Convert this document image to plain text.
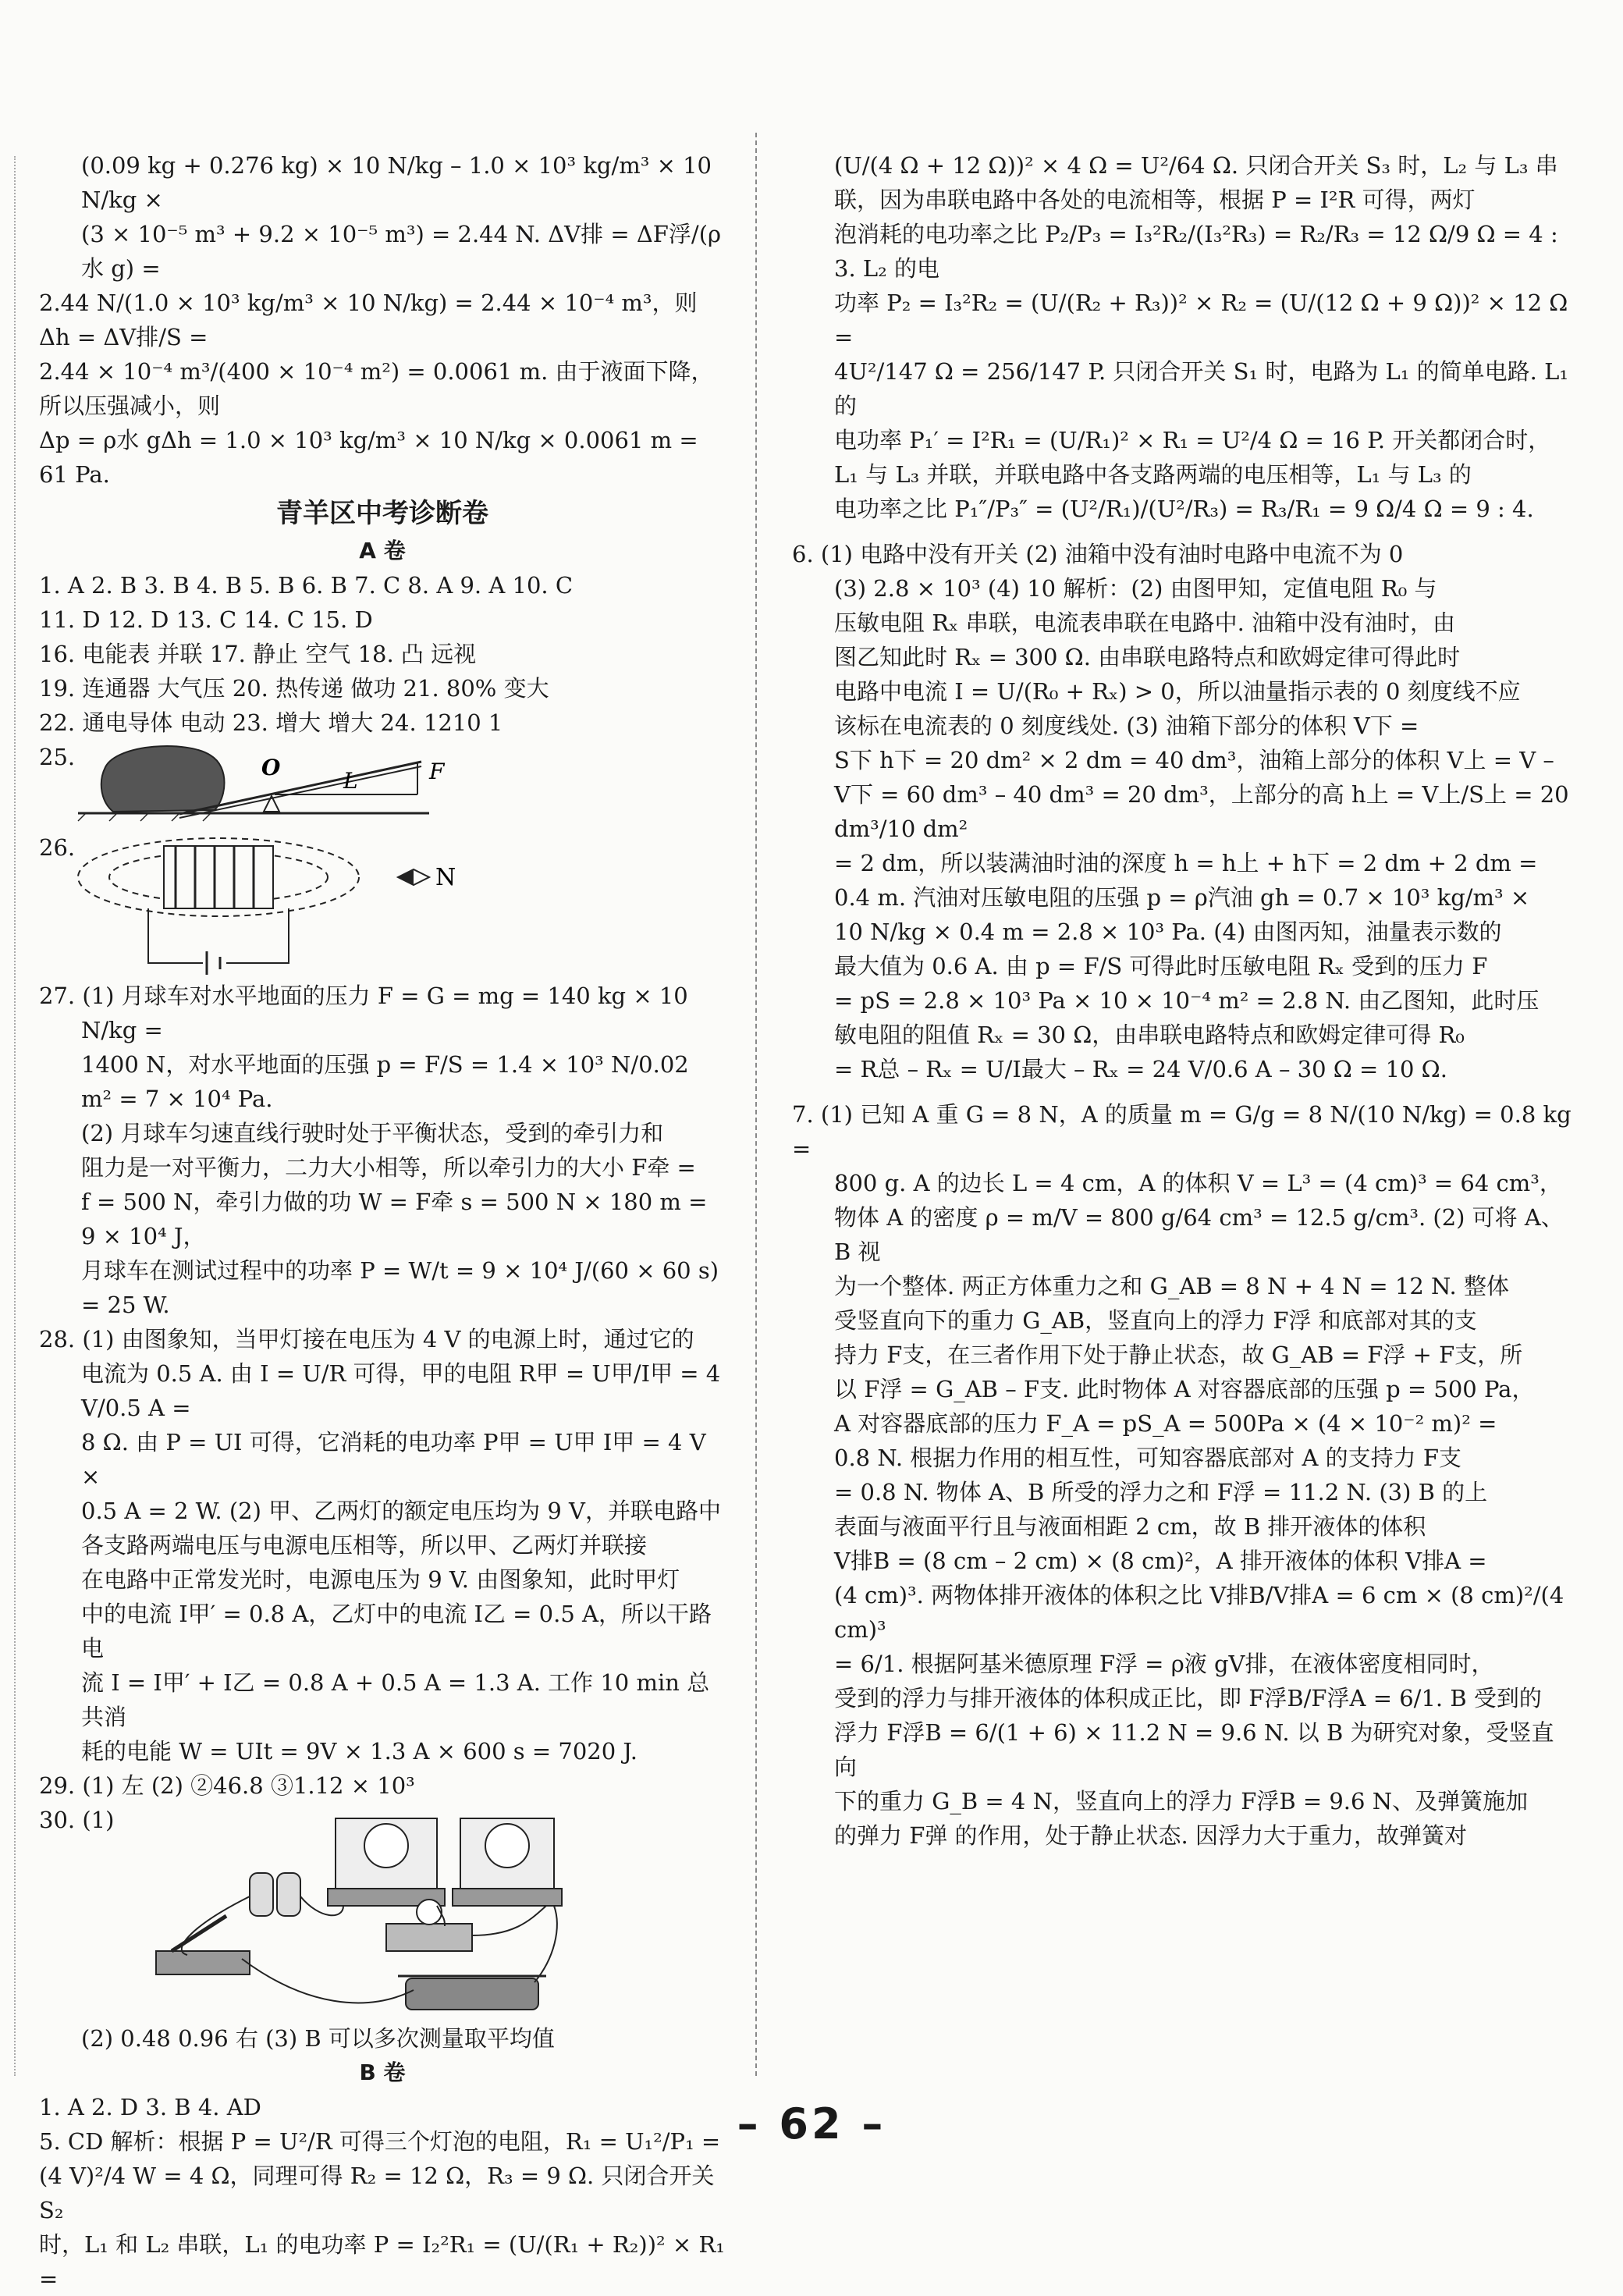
(0.09 kg + 0.276 kg) × 10 N/kg – 1.0 × 10³ kg/m³ × 10 N/kg ×

(3 × 10⁻⁵ m³ + 9.2 × 10⁻⁵ m³) = 2.44 N. ΔV排 = ΔF浮/(ρ水 g) =

2.44 N/(1.0 × 10³ kg/m³ × 10 N/kg) = 2.44 × 10⁻⁴ m³，则 Δh = ΔV排/S =

2.44 × 10⁻⁴ m³/(400 × 10⁻⁴ m²) = 0.0061 m. 由于液面下降，所以压强减小，则

Δp = ρ水 gΔh = 1.0 × 10³ kg/m³ × 10 N/kg × 0.0061 m = 61 Pa.

青羊区中考诊断卷
A 卷

1. A 2. B 3. B 4. B 5. B 6. B 7. C 8. A 9. A 10. C

11. D 12. D 13. C 14. C 15. D

16. 电能表 并联 17. 静止 空气 18. 凸 远视

19. 连通器 大气压 20. 热传递 做功 21. 80% 变大

22. 通电导体 电动 23. 增大 增大 24. 1210 1

25.	O
L	F
26.
N

27. (1) 月球车对水平地面的压力 F = G = mg = 140 kg × 10 N/kg =

1400 N，对水平地面的压强 p = F/S = 1.4 × 10³ N/0.02 m² = 7 × 10⁴ Pa.

(2) 月球车匀速直线行驶时处于平衡状态，受到的牵引力和

阻力是一对平衡力，二力大小相等，所以牵引力的大小 F牵 =

f = 500 N，牵引力做的功 W = F牵 s = 500 N × 180 m = 9 × 10⁴ J，

月球车在测试过程中的功率 P = W/t = 9 × 10⁴ J/(60 × 60 s) = 25 W.

28. (1) 由图象知，当甲灯接在电压为 4 V 的电源上时，通过它的

电流为 0.5 A. 由 I = U/R 可得，甲的电阻 R甲 = U甲/I甲 = 4 V/0.5 A =

8 Ω. 由 P = UI 可得，它消耗的电功率 P甲 = U甲 I甲 = 4 V ×

0.5 A = 2 W. (2) 甲、乙两灯的额定电压均为 9 V，并联电路中

各支路两端电压与电源电压相等，所以甲、乙两灯并联接

在电路中正常发光时，电源电压为 9 V. 由图象知，此时甲灯

中的电流 I甲′ = 0.8 A，乙灯中的电流 I乙 = 0.5 A，所以干路电

流 I = I甲′ + I乙 = 0.8 A + 0.5 A = 1.3 A. 工作 10 min 总共消

耗的电能 W = UIt = 9V × 1.3 A × 600 s = 7020 J.

29. (1) 左 (2) ②46.8 ③1.12 × 10³

30. (1)

(2) 0.48 0.96 右 (3) B 可以多次测量取平均值

B 卷

1. A 2. D 3. B 4. AD

5. CD 解析：根据 P = U²/R 可得三个灯泡的电阻，R₁ = U₁²/P₁ =

(4 V)²/4 W = 4 Ω，同理可得 R₂ = 12 Ω，R₃ = 9 Ω. 只闭合开关 S₂

时，L₁ 和 L₂ 串联，L₁ 的电功率 P = I₂²R₁ = (U/(R₁ + R₂))² × R₁ =

(U/(4 Ω + 12 Ω))² × 4 Ω = U²/64 Ω. 只闭合开关 S₃ 时，L₂ 与 L₃ 串

联，因为串联电路中各处的电流相等，根据 P = I²R 可得，两灯

泡消耗的电功率之比 P₂/P₃ = I₃²R₂/(I₃²R₃) = R₂/R₃ = 12 Ω/9 Ω = 4 : 3. L₂ 的电

功率 P₂ = I₃²R₂ = (U/(R₂ + R₃))² × R₂ = (U/(12 Ω + 9 Ω))² × 12 Ω =

4U²/147 Ω = 256/147 P. 只闭合开关 S₁ 时，电路为 L₁ 的简单电路. L₁ 的

电功率 P₁′ = I²R₁ = (U/R₁)² × R₁ = U²/4 Ω = 16 P. 开关都闭合时，

L₁ 与 L₃ 并联，并联电路中各支路两端的电压相等，L₁ 与 L₃ 的

电功率之比 P₁″/P₃″ = (U²/R₁)/(U²/R₃) = R₃/R₁ = 9 Ω/4 Ω = 9 : 4.

6. (1) 电路中没有开关 (2) 油箱中没有油时电路中电流不为 0

(3) 2.8 × 10³ (4) 10 解析：(2) 由图甲知，定值电阻 R₀ 与

压敏电阻 Rₓ 串联，电流表串联在电路中. 油箱中没有油时，由

图乙知此时 Rₓ = 300 Ω. 由串联电路特点和欧姆定律可得此时

电路中电流 I = U/(R₀ + Rₓ) > 0，所以油量指示表的 0 刻度线不应

该标在电流表的 0 刻度线处. (3) 油箱下部分的体积 V下 =

S下 h下 = 20 dm² × 2 dm = 40 dm³，油箱上部分的体积 V上 = V –

V下 = 60 dm³ – 40 dm³ = 20 dm³，上部分的高 h上 = V上/S上 = 20 dm³/10 dm²

= 2 dm，所以装满油时油的深度 h = h上 + h下 = 2 dm + 2 dm =

0.4 m. 汽油对压敏电阻的压强 p = ρ汽油 gh = 0.7 × 10³ kg/m³ ×

10 N/kg × 0.4 m = 2.8 × 10³ Pa. (4) 由图丙知，油量表示数的

最大值为 0.6 A. 由 p = F/S 可得此时压敏电阻 Rₓ 受到的压力 F

= pS = 2.8 × 10³ Pa × 10 × 10⁻⁴ m² = 2.8 N. 由乙图知，此时压

敏电阻的阻值 Rₓ = 30 Ω，由串联电路特点和欧姆定律可得 R₀

= R总 – Rₓ = U/I最大 – Rₓ = 24 V/0.6 A – 30 Ω = 10 Ω.

7. (1) 已知 A 重 G = 8 N，A 的质量 m = G/g = 8 N/(10 N/kg) = 0.8 kg =

800 g. A 的边长 L = 4 cm，A 的体积 V = L³ = (4 cm)³ = 64 cm³，

物体 A 的密度 ρ = m/V = 800 g/64 cm³ = 12.5 g/cm³. (2) 可将 A、B 视

为一个整体. 两正方体重力之和 G_AB = 8 N + 4 N = 12 N. 整体

受竖直向下的重力 G_AB，竖直向上的浮力 F浮 和底部对其的支

持力 F支，在三者作用下处于静止状态，故 G_AB = F浮 + F支，所

以 F浮 = G_AB – F支. 此时物体 A 对容器底部的压强 p = 500 Pa，

A 对容器底部的压力 F_A = pS_A = 500Pa × (4 × 10⁻² m)² =

0.8 N. 根据力作用的相互性，可知容器底部对 A 的支持力 F支

= 0.8 N. 物体 A、B 所受的浮力之和 F浮 = 11.2 N. (3) B 的上

表面与液面平行且与液面相距 2 cm，故 B 排开液体的体积

V排B = (8 cm – 2 cm) × (8 cm)²，A 排开液体的体积 V排A =

(4 cm)³. 两物体排开液体的体积之比 V排B/V排A = 6 cm × (8 cm)²/(4 cm)³

= 6/1. 根据阿基米德原理 F浮 = ρ液 gV排，在液体密度相同时，

受到的浮力与排开液体的体积成正比，即 F浮B/F浮A = 6/1. B 受到的

浮力 F浮B = 6/(1 + 6) × 11.2 N = 9.6 N. 以 B 为研究对象，受竖直向

下的重力 G_B = 4 N，竖直向上的浮力 F浮B = 9.6 N、及弹簧施加

的弹力 F弹 的作用，处于静止状态. 因浮力大于重力，故弹簧对

– 62 –
